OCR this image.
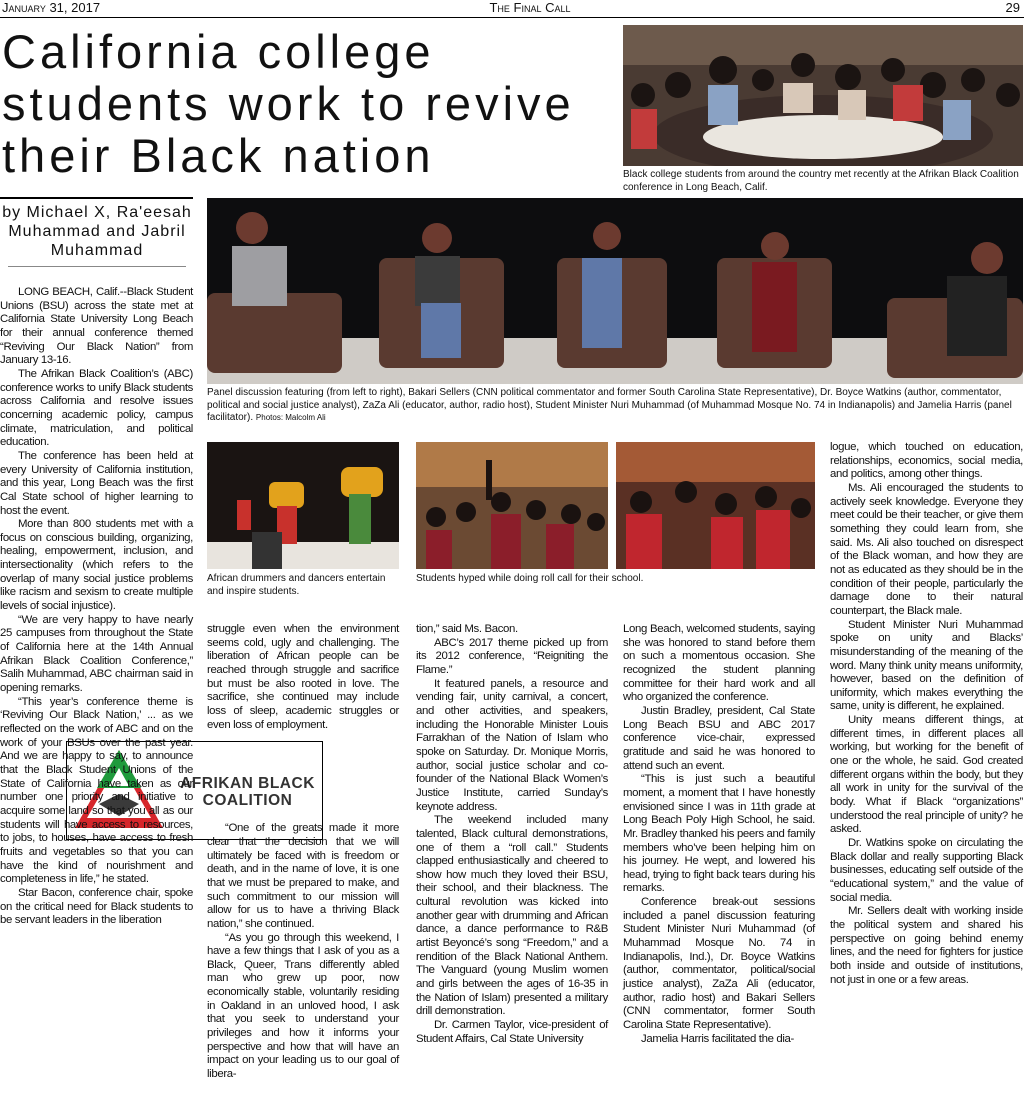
January 31, 2017	The Final Call	29
California college students work to revive their Black nation
by Michael X, Ra'eesah Muhammad and Jabril Muhammad
Black college students from around the country met recently at the Afrikan Black Coalition conference in Long Beach, Calif.
Panel discussion featuring (from left to right), Bakari Sellers (CNN political commentator and former South Carolina State Representative), Dr. Boyce Watkins (author, commentator, political and social justice analyst), ZaZa Ali (educator, author, radio host), Student Minister Nuri Muhammad (of Muhammad Mosque No. 74 in Indianapolis) and Jamelia Harris (panel facilitator). Photos: Malcolm Ali
African drummers and dancers entertain and inspire students.
Students hyped while doing roll call for their school.
AFRIKAN BLACK
COALITION

LONG BEACH, Calif.--Black Student Unions (BSU) across the state met at California State University Long Beach for their annual conference themed “Reviving Our Black Nation” from January 13-16.

The Afrikan Black Coalition’s (ABC) conference works to unify Black students across California and resolve issues concerning academic policy, campus climate, matriculation, and political education.

The conference has been held at every University of California institution, and this year, Long Beach was the first Cal State school of higher learning to host the event.

More than 800 students met with a focus on conscious building, organizing, healing, empowerment, inclusion, and intersectionality (which refers to the overlap of many social justice problems like racism and sexism to create multiple levels of social injustice).

“We are very happy to have nearly 25 campuses from throughout the State of California here at the 14th Annual Afrikan Black Coalition Conference,” Salih Muhammad, ABC chairman said in opening remarks.

“This year’s conference theme is ‘Reviving Our Black Nation,’ ... as we reflected on the work of ABC and on the work of your BSUs over the past year. And we are happy to say, to announce that the Black Student Unions of the State of California have taken as our number one priority and initiative to acquire some land so that you all as our students will have access to resources, to jobs, to houses, have access to fresh fruits and vegetables so that you can have the kind of nourishment and completeness in life,” he stated.

Star Bacon, conference chair, spoke on the critical need for Black students to be servant leaders in the liberation

struggle even when the environment seems cold, ugly and challenging. The liberation of African people can be reached through struggle and sacrifice but must be also rooted in love. The sacrifice, she continued may include loss of sleep, academic struggles or even loss of employment.

“One of the greats made it more clear that the decision that we will ultimately be faced with is freedom or death, and in the name of love, it is one that we must be prepared to make, and such commitment to our mission will allow for us to have a thriving Black nation,” she continued.

“As you go through this weekend, I have a few things that I ask of you as a Black, Queer, Trans differently abled man who grew up poor, now economically stable, voluntarily residing in Oakland in an unloved hood, I ask that you seek to understand your privileges and how it informs your perspective and how that will have an impact on your leading us to our goal of libera-

tion,” said Ms. Bacon.

ABC’s 2017 theme picked up from its 2012 conference, “Reigniting the Flame.”

It featured panels, a resource and vending fair, unity carnival, a concert, and other activities, and speakers, including the Honorable Minister Louis Farrakhan of the Nation of Islam who spoke on Saturday. Dr. Monique Morris, author, social justice scholar and co-founder of the National Black Women’s Justice Institute, carried Sunday’s keynote address.

The weekend included many talented, Black cultural demonstrations, one of them a “roll call.” Students clapped enthusiastically and cheered to show how much they loved their BSU, their school, and their blackness. The cultural revolution was kicked into another gear with drumming and African dance, a dance performance to R&B artist Beyoncé’s song “Freedom,” and a rendition of the Black National Anthem. The Vanguard (young Muslim women and girls between the ages of 16-35 in the Nation of Islam) presented a military drill demonstration.

Dr. Carmen Taylor, vice-president of Student Affairs, Cal State University

Long Beach, welcomed students, saying she was honored to stand before them on such a momentous occasion. She recognized the student planning committee for their hard work and all who organized the conference.

Justin Bradley, president, Cal State Long Beach BSU and ABC 2017 conference vice-chair, expressed gratitude and said he was honored to attend such an event.

“This is just such a beautiful moment, a moment that I have honestly envisioned since I was in 11th grade at Long Beach Poly High School, he said. Mr. Bradley thanked his peers and family members who’ve been helping him on his journey. He wept, and lowered his head, trying to fight back tears during his remarks.

Conference break-out sessions included a panel discussion featuring Student Minister Nuri Muhammad (of Muhammad Mosque No. 74 in Indianapolis, Ind.), Dr. Boyce Watkins (author, commentator, political/social justice analyst), ZaZa Ali (educator, author, radio host) and Bakari Sellers (CNN commentator, former South Carolina State Representative).

Jamelia Harris facilitated the dia-

logue, which touched on education, relationships, economics, social media, and politics, among other things.

Ms. Ali encouraged the students to actively seek knowledge. Everyone they meet could be their teacher, or give them something they could learn from, she said. Ms. Ali also touched on disrespect of the Black woman, and how they are not as educated as they should be in the condition of their people, particularly the damage done to their natural counterpart, the Black male.

Student Minister Nuri Muhammad spoke on unity and Blacks’ misunderstanding of the meaning of the word. Many think unity means uniformity, however, based on the definition of uniformity, which makes everything the same, unity is different, he explained.

Unity means different things, at different times, in different places all working, but working for the benefit of one or the whole, he said. God created different organs within the body, but they all work in unity for the survival of the body. What if Black “organizations” understood the real principle of unity? he asked.

Dr. Watkins spoke on circulating the Black dollar and really supporting Black businesses, educating self outside of the “educational system,” and the value of social media.

Mr. Sellers dealt with working inside the political system and shared his perspective on going behind enemy lines, and the need for fighters for justice both inside and outside of institutions, not just in one or a few areas.
